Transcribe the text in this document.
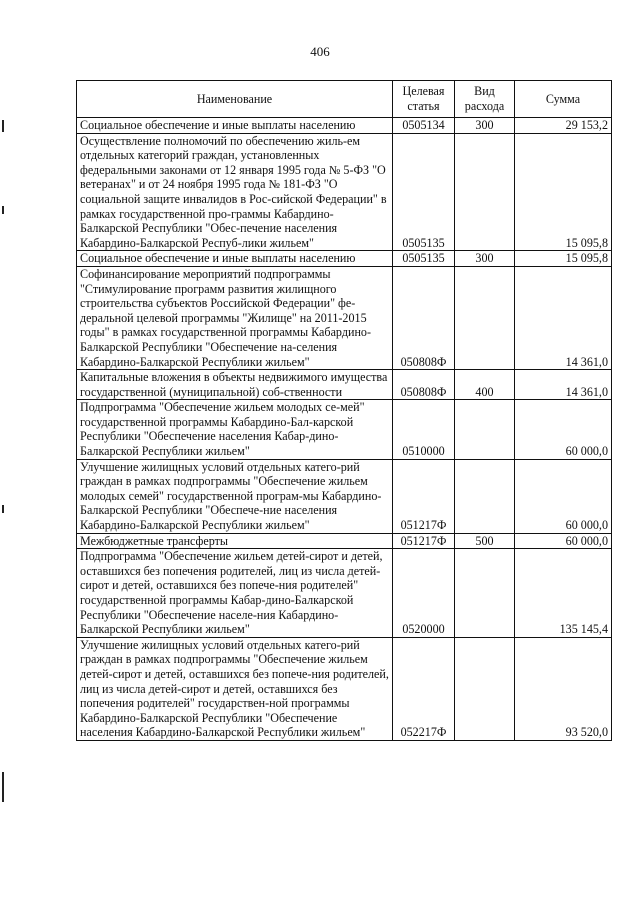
406
Наименование	Целевая статья	Вид расхода	Сумма
Социальное обеспечение и иные выплаты населению	0505134	300	29 153,2
Осуществление полномочий по обеспечению жиль-ем отдельных категорий граждан, установленных федеральными законами от 12 января 1995 года № 5-ФЗ "О ветеранах" и от 24 ноября 1995 года № 181-ФЗ "О социальной защите инвалидов в Рос-сийской Федерации" в рамках государственной про-граммы Кабардино-Балкарской Республики "Обес-печение населения Кабардино-Балкарской Респуб-лики жильем"	0505135		15 095,8
Социальное обеспечение и иные выплаты населению	0505135	300	15 095,8
Софинансирование мероприятий подпрограммы "Стимулирование программ развития жилищного строительства субъектов Российской Федерации" фе-деральной целевой программы "Жилище" на 2011-2015 годы" в рамках государственной программы Кабардино-Балкарской Республики "Обеспечение на-селения Кабардино-Балкарской Республики жильем"	050808Ф		14 361,0
Капитальные вложения в объекты недвижимого имущества государственной (муниципальной) соб-ственности	050808Ф	400	14 361,0
Подпрограмма "Обеспечение жильем молодых се-мей" государственной программы Кабардино-Бал-карской Республики "Обеспечение населения Кабар-дино-Балкарской Республики жильем"	0510000		60 000,0
Улучшение жилищных условий отдельных катего-рий граждан в рамках подпрограммы "Обеспечение жильем молодых семей" государственной програм-мы Кабардино-Балкарской Республики "Обеспече-ние населения Кабардино-Балкарской Республики жильем"	051217Ф		60 000,0
Межбюджетные трансферты	051217Ф	500	60 000,0
Подпрограмма "Обеспечение жильем детей-сирот и детей, оставшихся без попечения родителей, лиц из числа детей-сирот и детей, оставшихся без попече-ния родителей" государственной программы Кабар-дино-Балкарской Республики "Обеспечение населе-ния Кабардино-Балкарской Республики жильем"	0520000		135 145,4
Улучшение жилищных условий отдельных катего-рий граждан в рамках подпрограммы "Обеспечение жильем детей-сирот и детей, оставшихся без попече-ния родителей, лиц из числа детей-сирот и детей, оставшихся без попечения родителей" государствен-ной программы Кабардино-Балкарской Республики "Обеспечение населения Кабардино-Балкарской Республики жильем"	052217Ф		93 520,0
